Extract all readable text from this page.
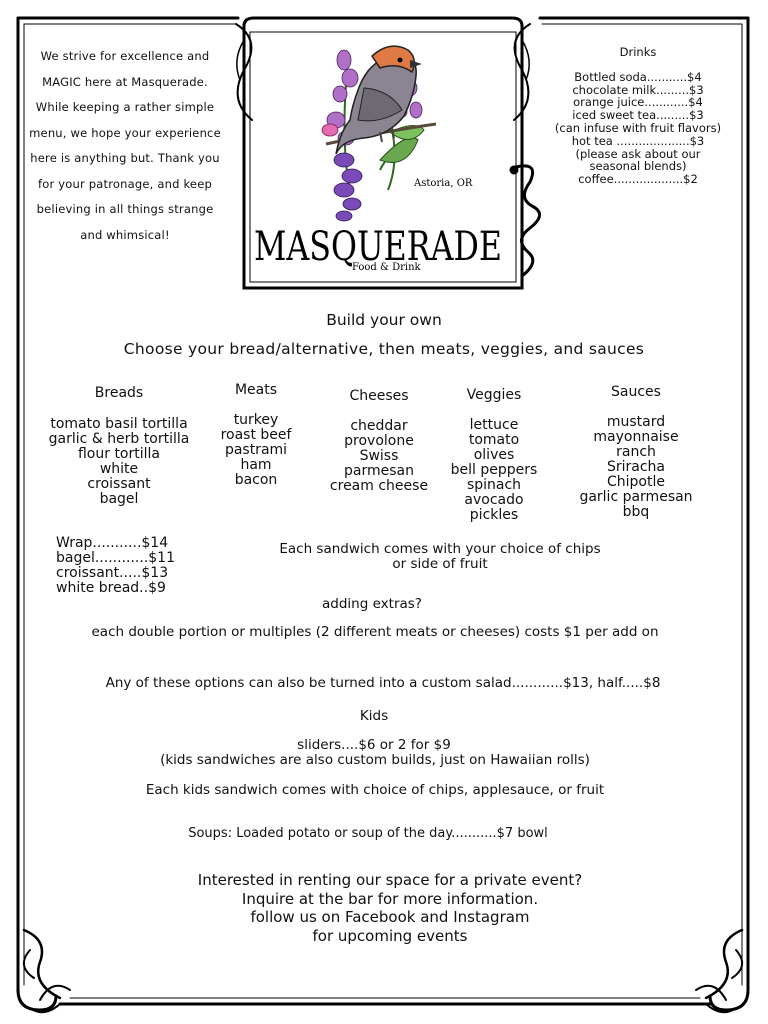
Astoria, OR
MASQUERADE
Food & Drink
We strive for excellence and
MAGIC here at Masquerade.
While keeping a rather simple
menu, we hope your experience
here is anything but. Thank you
for your patronage, and keep
believing in all things strange
and whimsical!
Drinks
Bottled soda...........$4
chocolate milk.........$3
orange juice............$4
iced sweet tea.........$3
(can infuse with fruit flavors)
hot tea ....................$3
(please ask about our
seasonal blends)
coffee...................$2
Build your own
Choose your bread/alternative, then meats, veggies, and sauces
Breads
tomato basil tortilla
garlic & herb tortilla
flour tortilla
white
croissant
bagel
Meats
turkey
roast beef
pastrami
ham
bacon
Cheeses
cheddar
provolone
Swiss
parmesan
cream cheese
Veggies
lettuce
tomato
olives
bell peppers
spinach
avocado
pickles
Sauces
mustard
mayonnaise
ranch
Sriracha
Chipotle
garlic parmesan
bbq
Wrap...........$14
bagel............$11
croissant.....$13
white bread..$9
Each sandwich comes with your choice of chips
or side of fruit
adding extras?
each double portion or multiples (2 different meats or cheeses) costs $1 per add on
Any of these options can also be turned into a custom salad............$13, half.....$8
Kids
sliders....$6 or 2 for $9
(kids sandwiches are also custom builds, just on Hawaiian rolls)
Each kids sandwich comes with choice of chips, applesauce, or fruit
Soups: Loaded potato or soup of the day...........$7 bowl
Interested in renting our space for a private event?
Inquire at the bar for more information.
follow us on Facebook and Instagram
for upcoming events
